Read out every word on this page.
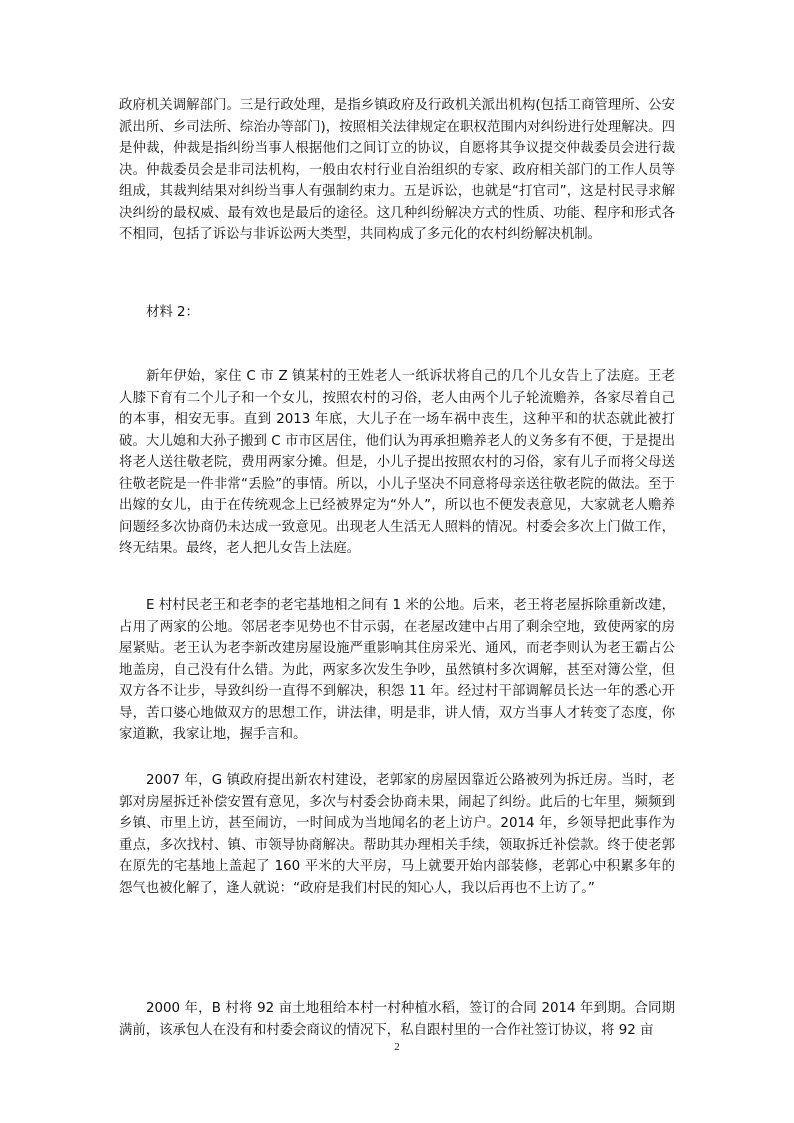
政府机关调解部门。三是行政处理，是指乡镇政府及行政机关派出机构(包括工商管理所、公安派出所、乡司法所、综治办等部门)，按照相关法律规定在职权范围内对纠纷进行处理解决。四是仲裁，仲裁是指纠纷当事人根据他们之间订立的协议，自愿将其争议提交仲裁委员会进行裁决。仲裁委员会是非司法机构，一般由农村行业自治组织的专家、政府相关部门的工作人员等组成，其裁判结果对纠纷当事人有强制约束力。五是诉讼，也就是“打官司”，这是村民寻求解决纠纷的最权威、最有效也是最后的途径。这几种纠纷解决方式的性质、功能、程序和形式各不相同，包括了诉讼与非诉讼两大类型，共同构成了多元化的农村纠纷解决机制。

材料 2：

新年伊始，家住 C 市 Z 镇某村的王姓老人一纸诉状将自己的几个儿女告上了法庭。王老人膝下育有二个儿子和一个女儿，按照农村的习俗，老人由两个儿子轮流赡养，各家尽着自己的本事，相安无事。直到 2013 年底，大儿子在一场车祸中丧生，这种平和的状态就此被打破。大儿媳和大孙子搬到 C 市市区居住，他们认为再承担赡养老人的义务多有不便，于是提出将老人送往敬老院，费用两家分摊。但是，小儿子提出按照农村的习俗，家有儿子而将父母送往敬老院是一件非常“丢脸”的事情。所以，小儿子坚决不同意将母亲送往敬老院的做法。至于出嫁的女儿，由于在传统观念上已经被界定为“外人”，所以也不便发表意见，大家就老人赡养问题经多次协商仍未达成一致意见。出现老人生活无人照料的情况。村委会多次上门做工作，终无结果。最终，老人把儿女告上法庭。

E 村村民老王和老李的老宅基地相之间有 1 米的公地。后来，老王将老屋拆除重新改建，占用了两家的公地。邻居老李见势也不甘示弱，在老屋改建中占用了剩余空地，致使两家的房屋紧贴。老王认为老李新改建房屋设施严重影响其住房采光、通风，而老李则认为老王霸占公地盖房，自己没有什么错。为此，两家多次发生争吵，虽然镇村多次调解，甚至对簿公堂，但双方各不让步，导致纠纷一直得不到解决，积怨 11 年。经过村干部调解员长达一年的悉心开导，苦口婆心地做双方的思想工作，讲法律，明是非，讲人情，双方当事人才转变了态度，你家道歉，我家让地，握手言和。

2007 年，G 镇政府提出新农村建设，老郭家的房屋因靠近公路被列为拆迁房。当时，老郭对房屋拆迁补偿安置有意见，多次与村委会协商未果，闹起了纠纷。此后的七年里，频频到乡镇、市里上访，甚至闹访，一时间成为当地闻名的老上访户。2014 年，乡领导把此事作为重点，多次找村、镇、市领导协商解决。帮助其办理相关手续，领取拆迁补偿款。终于使老郭在原先的宅基地上盖起了 160 平米的大平房，马上就要开始内部装修，老郭心中积累多年的怨气也被化解了，逢人就说：“政府是我们村民的知心人，我以后再也不上访了。”

2000 年，B 村将 92 亩土地租给本村一村种植水稻，签订的合同 2014 年到期。合同期满前，该承包人在没有和村委会商议的情况下，私自跟村里的一合作社签订协议，将 92 亩

2
